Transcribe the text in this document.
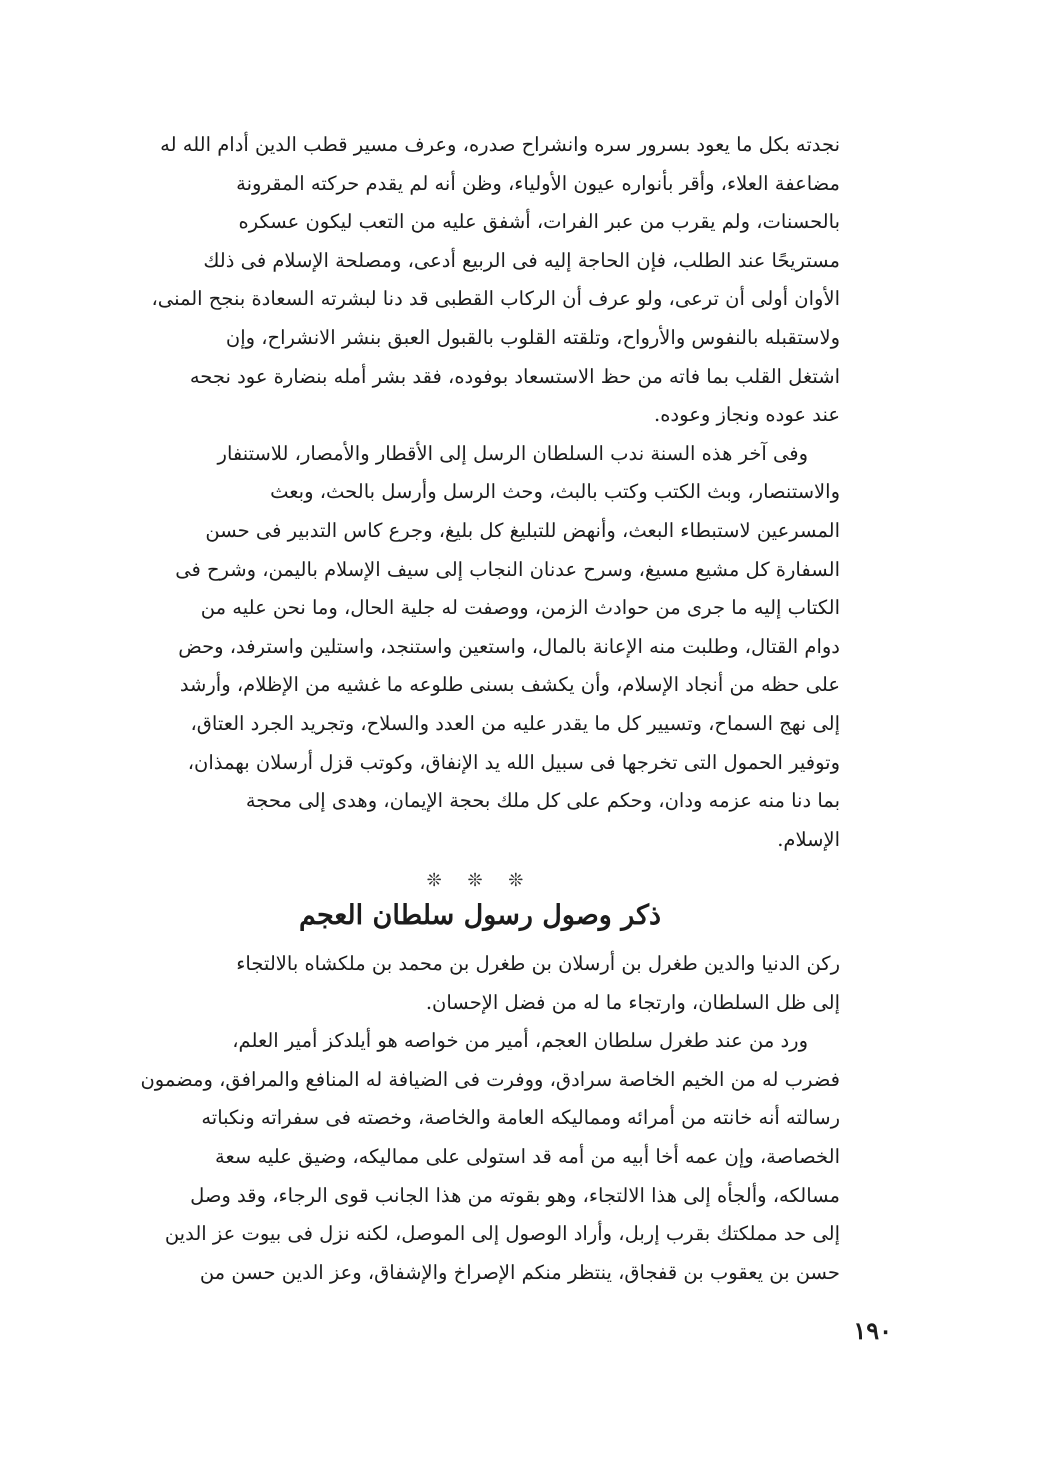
نجدته بكل ما يعود بسرور سره وانشراح صدره، وعرف مسير قطب الدين أدام الله له
مضاعفة العلاء، وأقر بأنواره عيون الأولياء، وظن أنه لم يقدم حركته المقرونة
بالحسنات، ولم يقرب من عبر الفرات، أشفق عليه من التعب ليكون عسكره
مستريحًا عند الطلب، فإن الحاجة إليه فى الربيع أدعى، ومصلحة الإسلام فى ذلك
الأوان أولى أن ترعى، ولو عرف أن الركاب القطبى قد دنا لبشرته السعادة بنجح المنى،
ولاستقبله بالنفوس والأرواح، وتلقته القلوب بالقبول العبق بنشر الانشراح، وإن
اشتغل القلب بما فاته من حظ الاستسعاد بوفوده، فقد بشر أمله بنضارة عود نجحه
عند عوده ونجاز وعوده.
وفى آخر هذه السنة ندب السلطان الرسل إلى الأقطار والأمصار، للاستنفار
والاستنصار، وبث الكتب وكتب بالبث، وحث الرسل وأرسل بالحث، وبعث
المسرعين لاستبطاء البعث، وأنهض للتبليغ كل بليغ، وجرع كاس التدبير فى حسن
السفارة كل مشيع مسيغ، وسرح عدنان النجاب إلى سيف الإسلام باليمن، وشرح فى
الكتاب إليه ما جرى من حوادث الزمن، ووصفت له جلية الحال، وما نحن عليه من
دوام القتال، وطلبت منه الإعانة بالمال، واستعين واستنجد، واستلين واسترفد، وحض
على حظه من أنجاد الإسلام، وأن يكشف بسنى طلوعه ما غشيه من الإظلام، وأرشد
إلى نهج السماح، وتسيير كل ما يقدر عليه من العدد والسلاح، وتجريد الجرد العتاق،
وتوفير الحمول التى تخرجها فى سبيل الله يد الإنفاق، وكوتب قزل أرسلان بهمذان،
بما دنا منه عزمه ودان، وحكم على كل ملك بحجة الإيمان، وهدى إلى محجة
الإسلام.
❊ ❊ ❊
ذكر وصول رسول سلطان العجم
ركن الدنيا والدين طغرل بن أرسلان بن طغرل بن محمد بن ملكشاه بالالتجاء
إلى ظل السلطان، وارتجاء ما له من فضل الإحسان.
ورد من عند طغرل سلطان العجم، أمير من خواصه هو أيلدكز أمير العلم،
فضرب له من الخيم الخاصة سرادق، ووفرت فى الضيافة له المنافع والمرافق، ومضمون
رسالته أنه خانته من أمرائه ومماليكه العامة والخاصة، وخصته فى سفراته ونكباته
الخصاصة، وإن عمه أخا أبيه من أمه قد استولى على مماليكه، وضيق عليه سعة
مسالكه، وألجأه إلى هذا الالتجاء، وهو بقوته من هذا الجانب قوى الرجاء، وقد وصل
إلى حد مملكتك بقرب إربل، وأراد الوصول إلى الموصل، لكنه نزل فى بيوت عز الدين
حسن بن يعقوب بن قفجاق، ينتظر منكم الإصراخ والإشفاق، وعز الدين حسن من
١٩٠
